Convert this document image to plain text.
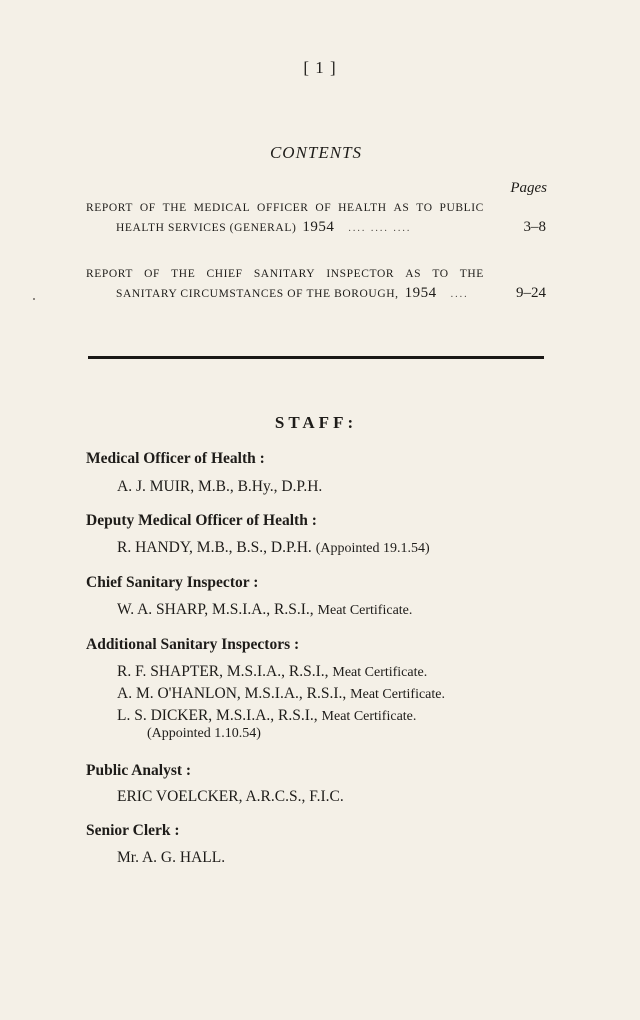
[ 1 ]
CONTENTS
Pages
REPORT OF THE MEDICAL OFFICER OF HEALTH AS TO PUBLIC
HEALTH SERVICES (GENERAL) 1954	.... .... ....	3–8
REPORT OF THE CHIEF SANITARY INSPECTOR AS TO THE
SANITARY CIRCUMSTANCES OF THE BOROUGH, 1954	....	9–24
STAFF:
Medical Officer of Health :
A. J. MUIR, M.B., B.Hy., D.P.H.
Deputy Medical Officer of Health :
R. HANDY, M.B., B.S., D.P.H. (Appointed 19.1.54)
Chief Sanitary Inspector :
W. A. SHARP, M.S.I.A., R.S.I., Meat Certificate.
Additional Sanitary Inspectors :
R. F. SHAPTER, M.S.I.A., R.S.I., Meat Certificate.
A. M. O'HANLON, M.S.I.A., R.S.I., Meat Certificate.
L. S. DICKER, M.S.I.A., R.S.I., Meat Certificate.
(Appointed 1.10.54)
Public Analyst :
ERIC VOELCKER, A.R.C.S., F.I.C.
Senior Clerk :
Mr. A. G. HALL.
